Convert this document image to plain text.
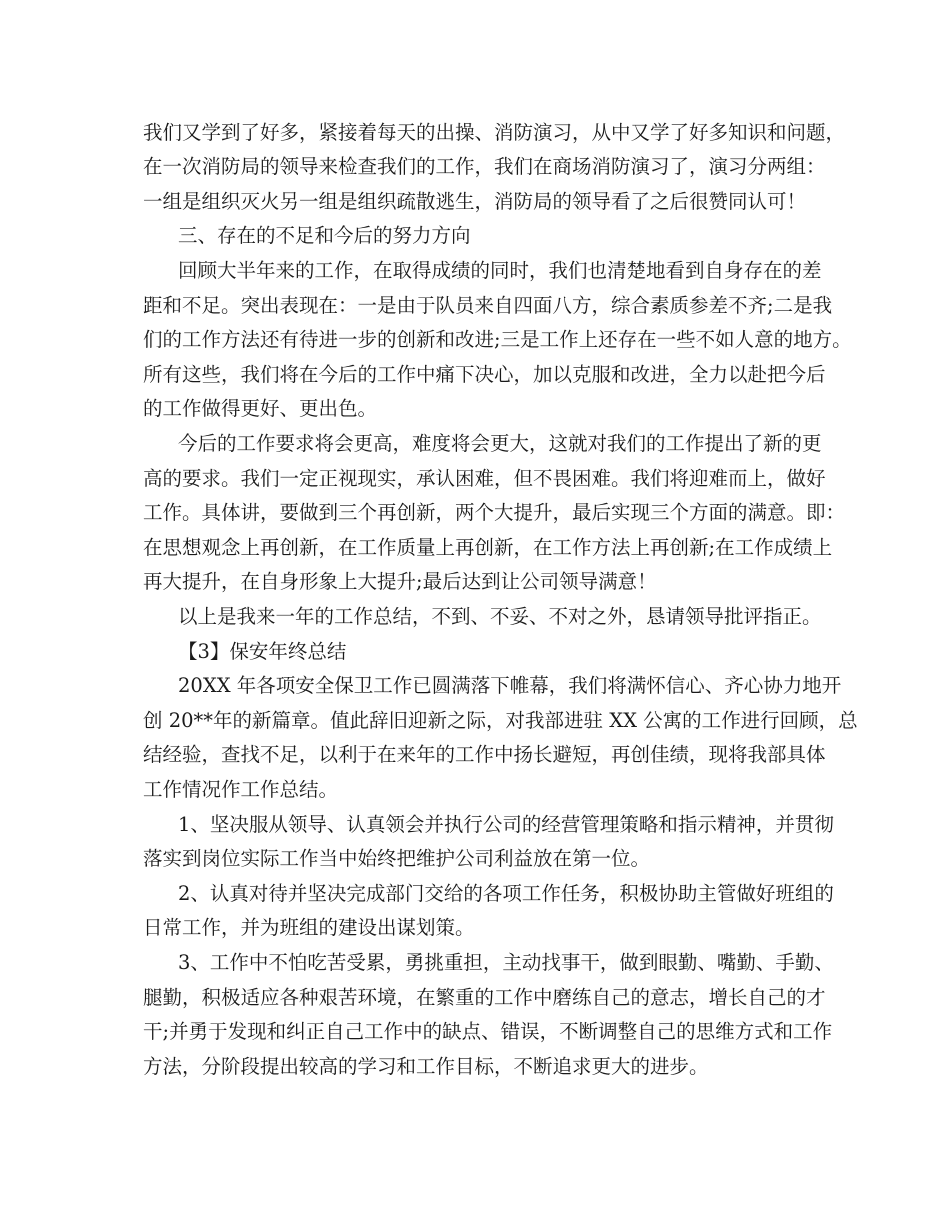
我们又学到了好多，紧接着每天的出操、消防演习，从中又学了好多知识和问题，
在一次消防局的领导来检查我们的工作，我们在商场消防演习了，演习分两组：
一组是组织灭火另一组是组织疏散逃生，消防局的领导看了之后很赞同认可！
三、存在的不足和今后的努力方向
回顾大半年来的工作，在取得成绩的同时，我们也清楚地看到自身存在的差
距和不足。突出表现在：一是由于队员来自四面八方，综合素质参差不齐;二是我
们的工作方法还有待进一步的创新和改进;三是工作上还存在一些不如人意的地方。
所有这些，我们将在今后的工作中痛下决心，加以克服和改进，全力以赴把今后
的工作做得更好、更出色。
今后的工作要求将会更高，难度将会更大，这就对我们的工作提出了新的更
高的要求。我们一定正视现实，承认困难，但不畏困难。我们将迎难而上，做好
工作。具体讲，要做到三个再创新，两个大提升，最后实现三个方面的满意。即：
在思想观念上再创新，在工作质量上再创新，在工作方法上再创新;在工作成绩上
再大提升，在自身形象上大提升;最后达到让公司领导满意！
以上是我来一年的工作总结，不到、不妥、不对之外，恳请领导批评指正。
【3】保安年终总结
20XX 年各项安全保卫工作已圆满落下帷幕，我们将满怀信心、齐心协力地开
创 20**年的新篇章。值此辞旧迎新之际，对我部进驻 XX 公寓的工作进行回顾，总
结经验，查找不足，以利于在来年的工作中扬长避短，再创佳绩，现将我部具体
工作情况作工作总结。
1、坚决服从领导、认真领会并执行公司的经营管理策略和指示精神，并贯彻
落实到岗位实际工作当中始终把维护公司利益放在第一位。
2、认真对待并坚决完成部门交给的各项工作任务，积极协助主管做好班组的
日常工作，并为班组的建设出谋划策。
3、工作中不怕吃苦受累，勇挑重担，主动找事干，做到眼勤、嘴勤、手勤、
腿勤，积极适应各种艰苦环境，在繁重的工作中磨练自己的意志，增长自己的才
干;并勇于发现和纠正自己工作中的缺点、错误，不断调整自己的思维方式和工作
方法，分阶段提出较高的学习和工作目标，不断追求更大的进步。
